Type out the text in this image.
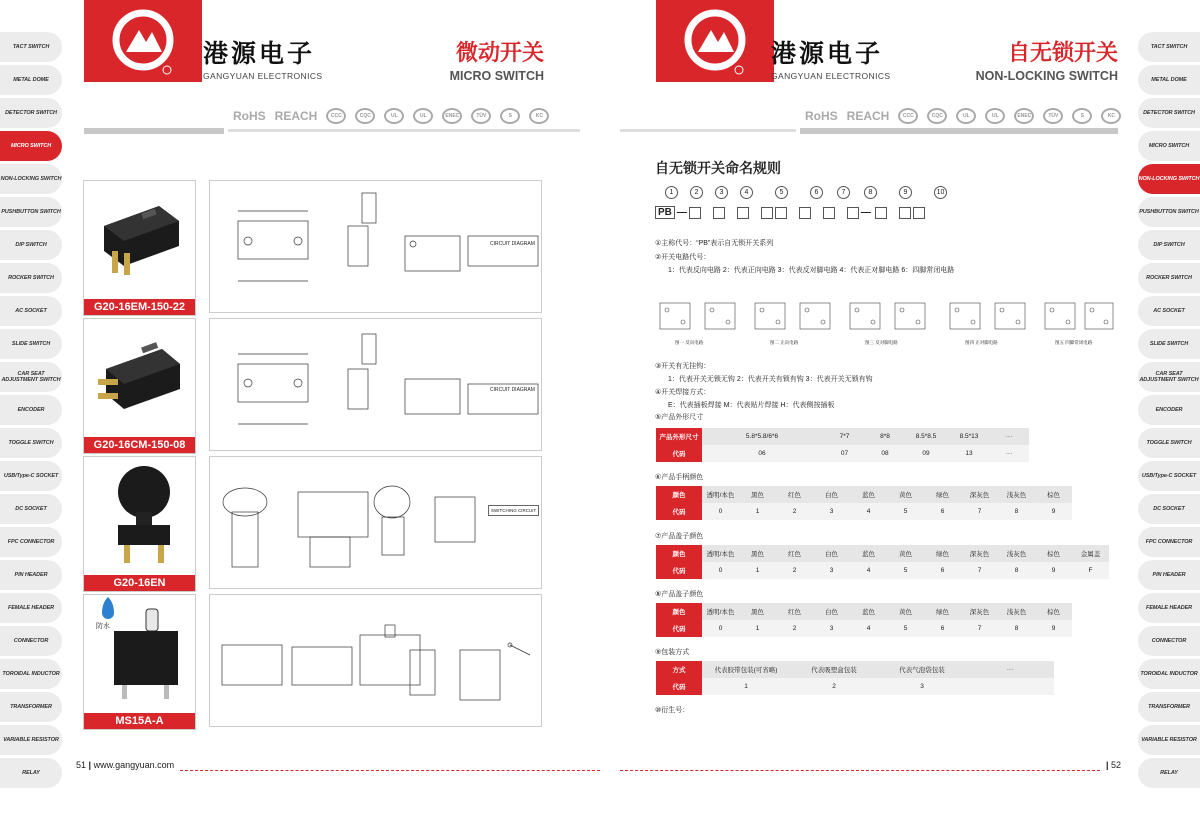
TACT SWITCH
METAL DOME
DETECTOR SWITCH
MICRO SWITCH
NON-LOCKING SWITCH
PUSHBUTTON SWITCH
DIP SWITCH
ROCKER SWITCH
AC SOCKET
SLIDE SWITCH
CAR SEAT ADJUSTMENT SWITCH
ENCODER
TOGGLE SWITCH
USB/Type-C SOCKET
DC SOCKET
FPC CONNECTOR
PIN HEADER
FEMALE HEADER
CONNECTOR
TOROIDAL INDUCTOR
TRANSFORMER
VARIABLE RESISTOR
RELAY
TACT SWITCH
METAL DOME
DETECTOR SWITCH
MICRO SWITCH
NON-LOCKING SWITCH
PUSHBUTTON SWITCH
DIP SWITCH
ROCKER SWITCH
AC SOCKET
SLIDE SWITCH
CAR SEAT ADJUSTMENT SWITCH
ENCODER
TOGGLE SWITCH
USB/Type-C SOCKET
DC SOCKET
FPC CONNECTOR
PIN HEADER
FEMALE HEADER
CONNECTOR
TOROIDAL INDUCTOR
TRANSFORMER
VARIABLE RESISTOR
RELAY
港源电子
GANGYUAN ELECTRONICS
微动开关
MICRO SWITCH
RoHS REACH	CCC	CQC	UL	UL	ENEC	TÜV	S	KC
G20-16EM-150-22
G20-16CM-150-08
G20-16EN
防水
MS15A-A
CIRCUIT DIAGRAM
CIRCUIT DIAGRAM
SWITCHING CIRCUIT
51 | www.gangyuan.com	| 52
港源电子
GANGYUAN ELECTRONICS
自无锁开关
NON-LOCKING SWITCH
RoHS REACH	CCC	CQC	UL	UL	ENEC	TÜV	S	KC
自无锁开关命名规则
1	2	3	4	5	6	7	8	9	10
PB —	—
①主称代号：“PB”表示自无锁开关系列
②开关电路代号：
1：代表反向电路 2：代表正向电路 3：代表反对脚电路 4：代表正对脚电路 6：四脚常闭电路
图一 反向电路	图二 正向电路	图三 反对脚电路	图四 正对脚电路	图五 四脚常闭电路
③开关有无挂钩：
1：代表开关无锁无钩 2：代表开关有锁有钩 3：代表开关无锁有钩
④开关焊接方式：
E：代表插板焊接 M：代表贴片焊接 H：代表侧按插板
⑤产品外形尺寸
产品外形尺寸	5.8*5.8/6*6	7*7	8*8	8.5*8.5	8.5*13	···
代码	06	07	08	09	13	···
⑥产品手柄颜色
颜色	透明/本色	黑色	红色	白色	蓝色	黄色	绿色	深灰色	浅灰色	棕色
代码	0	1	2	3	4	5	6	7	8	9
⑦产品盖子颜色
颜色	透明/本色	黑色	红色	白色	蓝色	黄色	绿色	深灰色	浅灰色	棕色	金属盖
代码	0	1	2	3	4	5	6	7	8	9	F
⑧产品盖子颜色
颜色	透明/本色	黑色	红色	白色	蓝色	黄色	绿色	深灰色	浅灰色	棕色
代码	0	1	2	3	4	5	6	7	8	9
⑨包装方式
方式	代表胶带包装(可省略)	代表吸塑盒包装	代表气泡袋包装	···
代码	1	2	3	
⑩衍生号：
